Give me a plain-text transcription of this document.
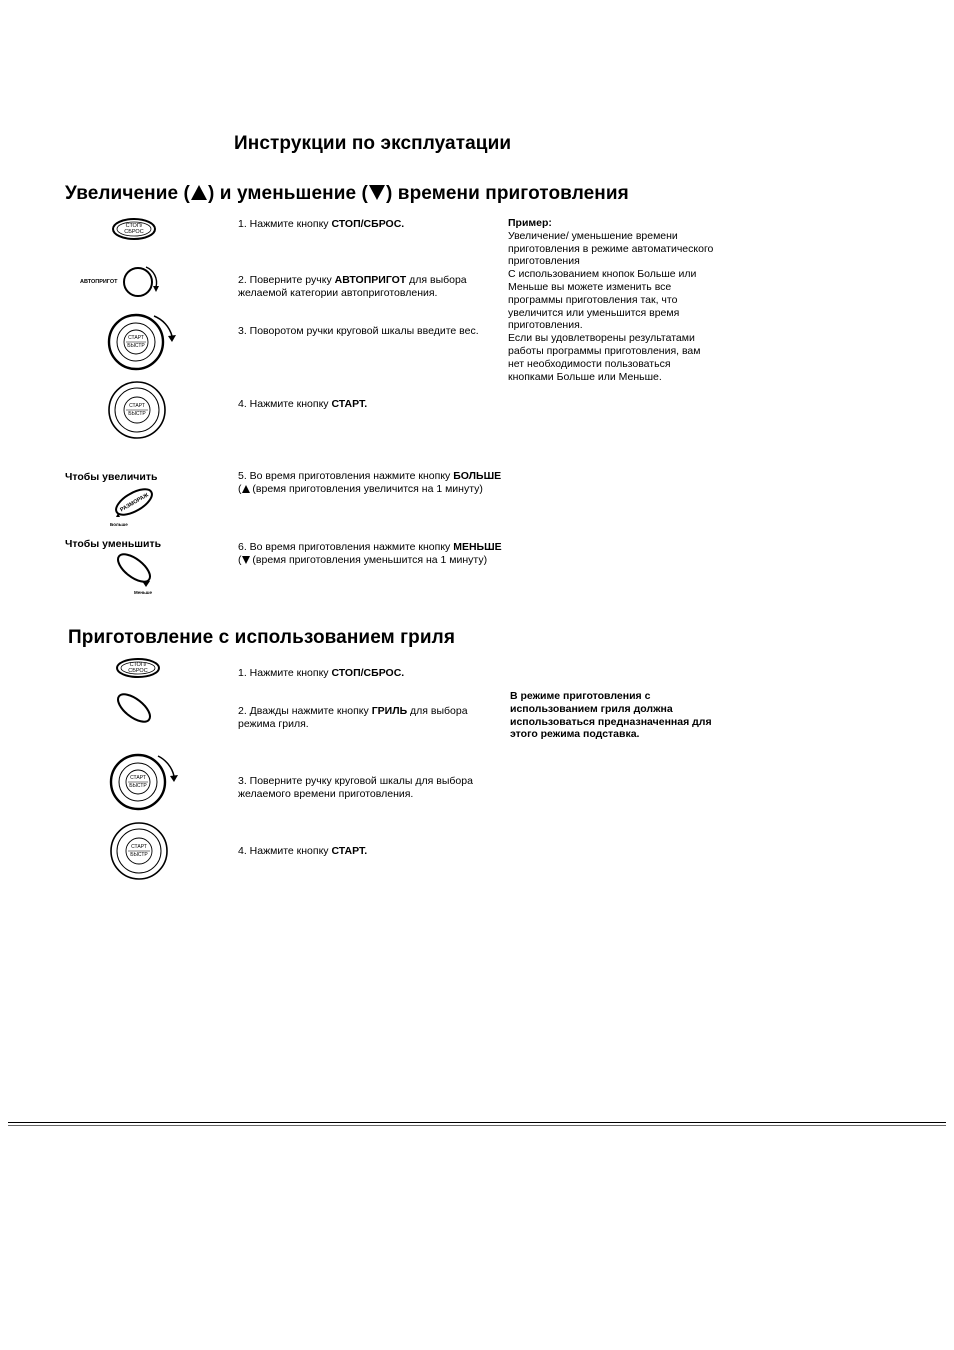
Инструкции по эксплуатации
Увеличение ( ) и уменьшение ( ) времени приготовления
СТОП/
СБРОС
АВТОПРИГОТ
СТАРТ
БЫСТР
СТАРТ
БЫСТР
Чтобы увеличить
РАЗМОРАЖ
Больше
Чтобы уменьшить
Меньше
1. Нажмите кнопку СТОП/СБРОС.
2. Поверните ручку АВТОПРИГОТ для выбора желаемой категории автоприготовления.
3. Поворотом ручки круговой шкалы введите вес.
4. Нажмите кнопку СТАРТ.
5. Во время приготовления нажмите кнопку БОЛЬШЕ ( (время приготовления увеличится на 1 минуту)
6. Во время приготовления нажмите кнопку МЕНЬШЕ ( (время приготовления уменьшится на 1 минуту)
Пример:
Увеличение/ уменьшение времени
приготовления в режиме автоматического
приготовления
С использованием кнопок Больше или
Меньше вы можете изменить все
программы приготовления так, что
увеличится или уменьшится время
приготовления.
Если вы удовлетворены результатами
работы программы приготовления, вам
нет необходимости пользоваться
кнопками Больше или Меньше.
Приготовление с использованием гриля
СТОП/
СБРОС
СТАРТ
БЫСТР
СТАРТ
БЫСТР
1. Нажмите кнопку СТОП/СБРОС.
2. Дважды нажмите кнопку ГРИЛЬ для выбора режима гриля.
3. Поверните ручку круговой шкалы для выбора желаемого времени приготовления.
4. Нажмите кнопку СТАРТ.
В режиме приготовления с
использованием гриля должна
использоваться предназначенная для
этого режима подставка.
